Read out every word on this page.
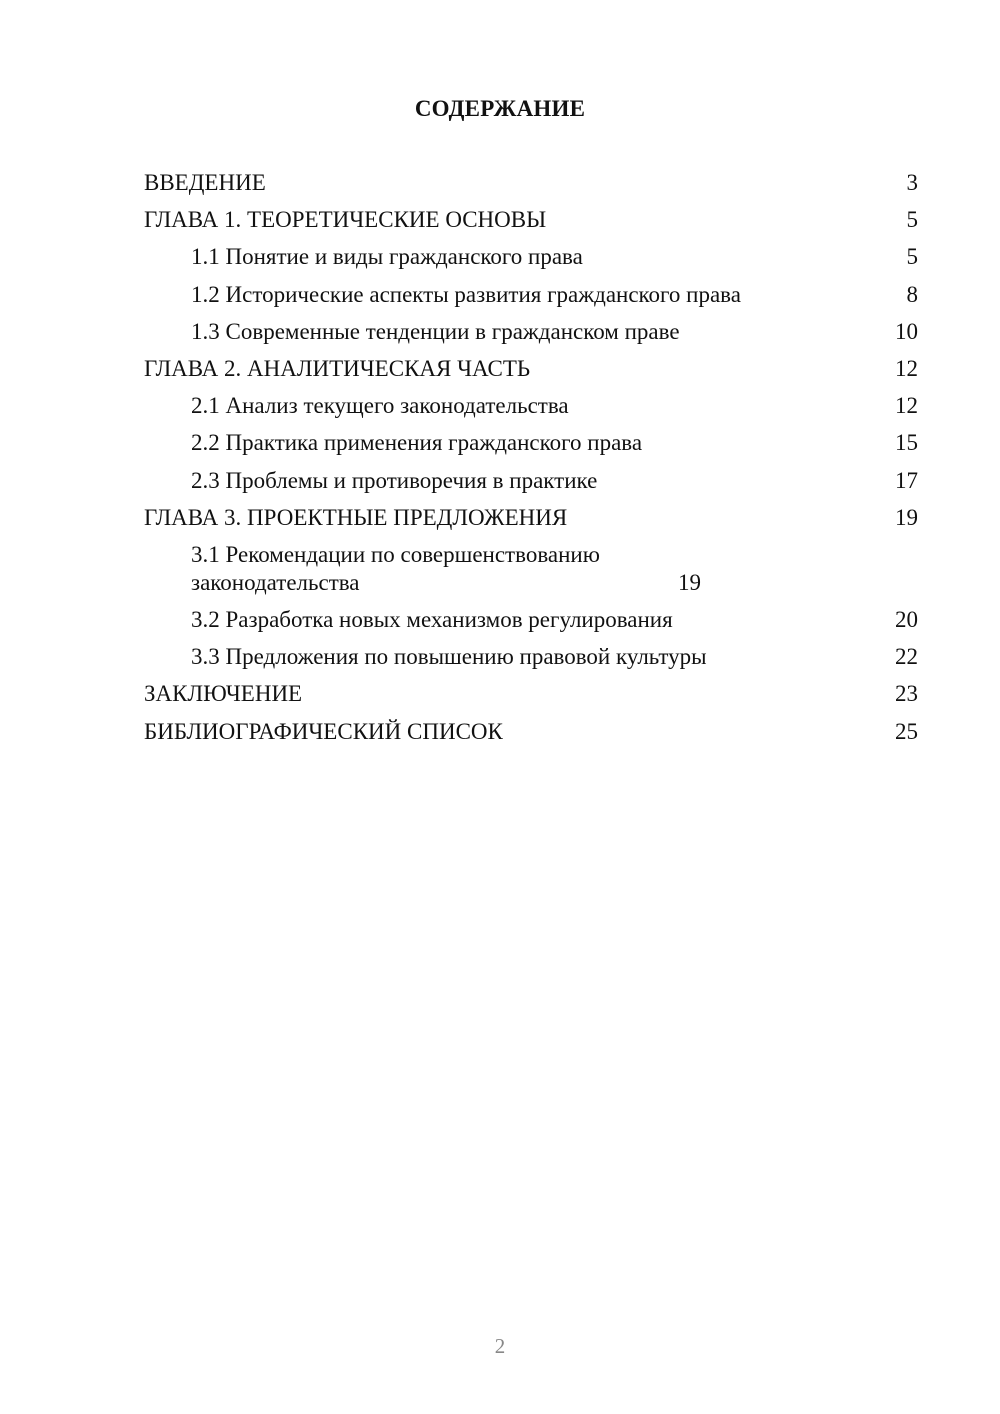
СОДЕРЖАНИЕ
ВВЕДЕНИЕ	3
ГЛАВА 1. ТЕОРЕТИЧЕСКИЕ ОСНОВЫ	5
1.1 Понятие и виды гражданского права	5
1.2 Исторические аспекты развития гражданского права	8
1.3 Современные тенденции в гражданском праве	10
ГЛАВА 2. АНАЛИТИЧЕСКАЯ ЧАСТЬ	12
2.1 Анализ текущего законодательства	12
2.2 Практика применения гражданского права	15
2.3 Проблемы и противоречия в практике	17
ГЛАВА 3. ПРОЕКТНЫЕ ПРЕДЛОЖЕНИЯ	19
3.1 Рекомендации по совершенствованию законодательства	19
3.2 Разработка новых механизмов регулирования	20
3.3 Предложения по повышению правовой культуры	22
ЗАКЛЮЧЕНИЕ	23
БИБЛИОГРАФИЧЕСКИЙ СПИСОК	25
2
